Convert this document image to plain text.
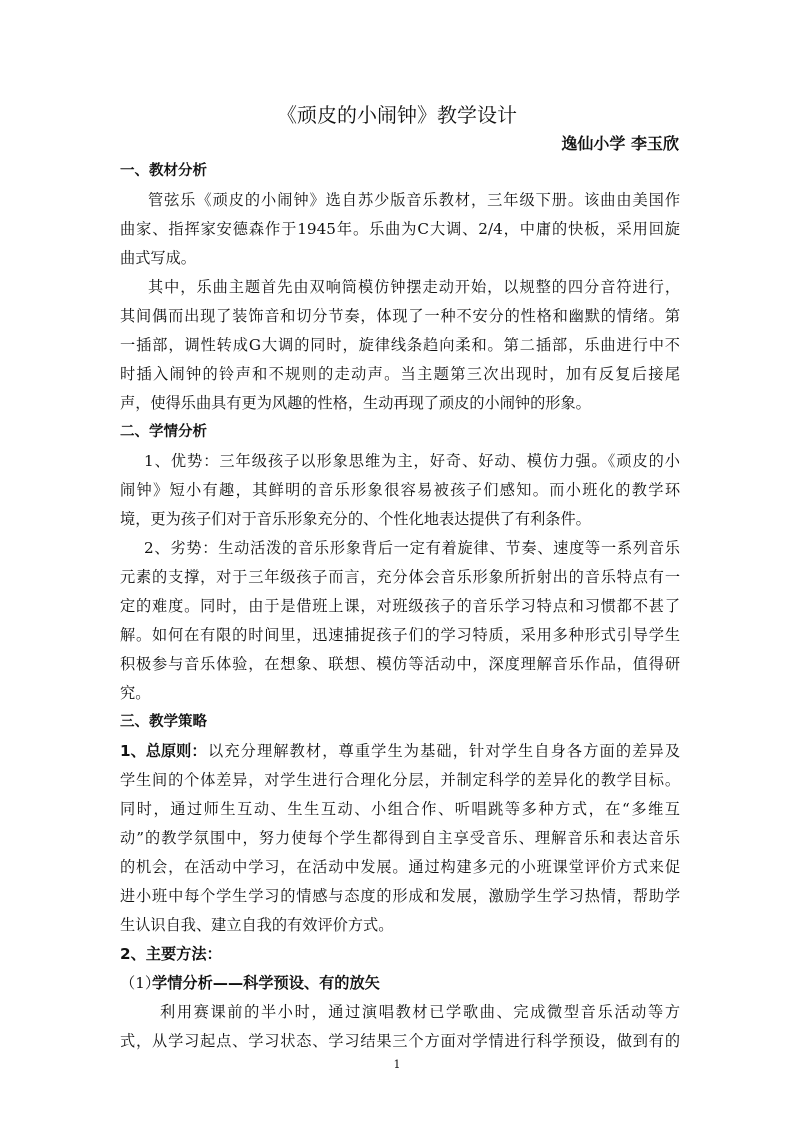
《顽皮的小闹钟》教学设计
逸仙小学 李玉欣
一、教材分析
管弦乐《顽皮的小闹钟》选自苏少版音乐教材，三年级下册。该曲由美国作
曲家、指挥家安德森作于1945年。乐曲为C大调、2/4，中庸的快板，采用回旋
曲式写成。
其中，乐曲主题首先由双响筒模仿钟摆走动开始，以规整的四分音符进行，
其间偶而出现了装饰音和切分节奏，体现了一种不安分的性格和幽默的情绪。第
一插部，调性转成G大调的同时，旋律线条趋向柔和。第二插部，乐曲进行中不
时插入闹钟的铃声和不规则的走动声。当主题第三次出现时，加有反复后接尾
声，使得乐曲具有更为风趣的性格，生动再现了顽皮的小闹钟的形象。
二、学情分析
1、优势：三年级孩子以形象思维为主，好奇、好动、模仿力强。《顽皮的小
闹钟》短小有趣，其鲜明的音乐形象很容易被孩子们感知。而小班化的教学环
境，更为孩子们对于音乐形象充分的、个性化地表达提供了有利条件。
2、劣势：生动活泼的音乐形象背后一定有着旋律、节奏、速度等一系列音乐
元素的支撑，对于三年级孩子而言，充分体会音乐形象所折射出的音乐特点有一
定的难度。同时，由于是借班上课，对班级孩子的音乐学习特点和习惯都不甚了
解。如何在有限的时间里，迅速捕捉孩子们的学习特质，采用多种形式引导学生
积极参与音乐体验，在想象、联想、模仿等活动中，深度理解音乐作品，值得研
究。
三、教学策略
1、总原则： 以充分理解教材，尊重学生为基础，针对学生自身各方面的差异及
学生间的个体差异，对学生进行合理化分层，并制定科学的差异化的教学目标。
同时，通过师生互动、生生互动、小组合作、听唱跳等多种方式，在“多维互
动”的教学氛围中，努力使每个学生都得到自主享受音乐、理解音乐和表达音乐
的机会，在活动中学习，在活动中发展。通过构建多元的小班课堂评价方式来促
进小班中每个学生学习的情感与态度的形成和发展，激励学生学习热情，帮助学
生认识自我、建立自我的有效评价方式。
2、主要方法：
（1）
学情分析——科学预设、有的放矢
利用赛课前的半小时，通过演唱教材已学歌曲、完成微型音乐活动等方
式，从学习起点、学习状态、学习结果三个方面对学情进行科学预设，做到有的
1
